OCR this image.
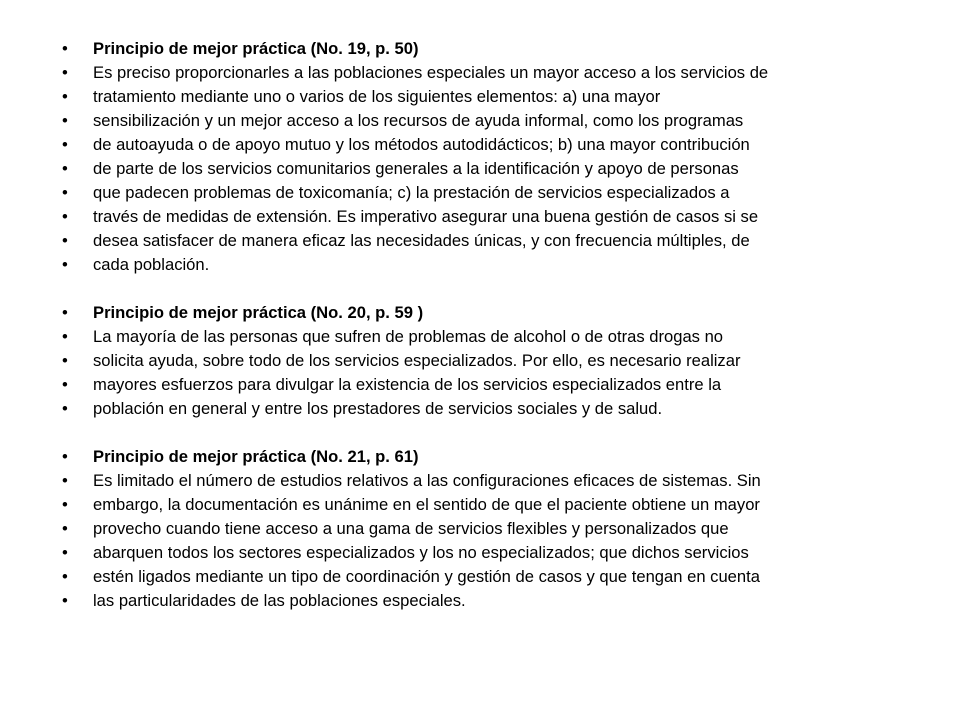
•	Principio de mejor práctica (No. 19, p. 50)
•	Es preciso proporcionarles a las poblaciones especiales un mayor acceso a los servicios de
•	tratamiento mediante uno o varios de los siguientes elementos: a) una mayor
•	sensibilización y un mejor acceso a los recursos de ayuda informal, como los programas
•	de autoayuda o de apoyo mutuo y los métodos autodidácticos; b) una mayor contribución
•	de parte de los servicios comunitarios generales a la identificación y apoyo de personas
•	que padecen problemas de toxicomanía; c) la prestación de servicios especializados a
•	través de medidas de extensión. Es imperativo asegurar una buena gestión de casos si se
•	desea satisfacer de manera eficaz las necesidades únicas, y con frecuencia múltiples, de
•	cada población.
•	Principio de mejor práctica (No. 20, p. 59 )
•	La mayoría de las personas que sufren de problemas de alcohol o de otras drogas no
•	solicita ayuda, sobre todo de los servicios especializados. Por ello, es necesario realizar
•	mayores esfuerzos para divulgar la existencia de los servicios especializados entre la
•	población en general y entre los prestadores de servicios sociales y de salud.
•	Principio de mejor práctica (No. 21, p. 61)
•	Es limitado el número de estudios relativos a las configuraciones eficaces de sistemas. Sin
•	embargo, la documentación es unánime en el sentido de que el paciente obtiene un mayor
•	provecho cuando tiene acceso a una gama de servicios flexibles y personalizados que
•	abarquen todos los sectores especializados y los no especializados; que dichos servicios
•	estén ligados mediante un tipo de coordinación y gestión de casos y que tengan en cuenta
•	las particularidades de las poblaciones especiales.
